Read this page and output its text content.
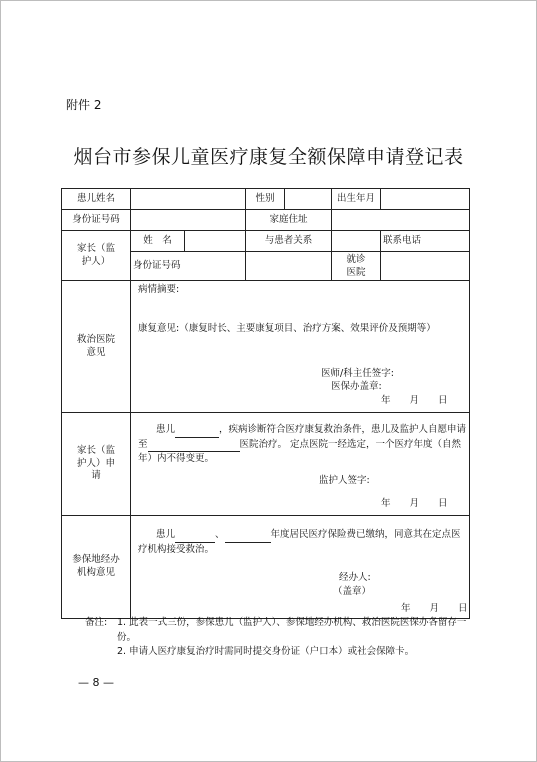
附件 2
烟台市参保儿童医疗康复全额保障申请登记表
患儿姓名			性别		出生年月	
身份证号码			家庭住址			

家长（监护人）	姓　名		与患者关系			联系电话
	身份证号码				就诊医院	

救治医院意见	病情摘要:
康复意见:（康复时长、主要康复项目、治疗方案、效果评价及预期等）
医师/科主任签字:
医保办盖章:
年　　月　　日					

家长（监护人）申请	患儿 ，疾病诊断符合医疗康复救治条件，患儿及监护人自愿申请至 医院治疗。 定点医院一经选定，一个医疗年度（自然年）内不得变更。
监护人签字:
年　　月　　日					

参保地经办机构意见	患儿 、 年度居民医疗保险费已缴纳，同意其在定点医疗机构接受救治。
经办人:
（盖章）
年　　月　　日					
备注:	1. 此表一式三份，参保患儿（监护人）、参保地经办机构、救治医院医保办各留存一份。
2. 申请人医疗康复治疗时需同时提交身份证（户口本）或社会保障卡。
— 8 —
